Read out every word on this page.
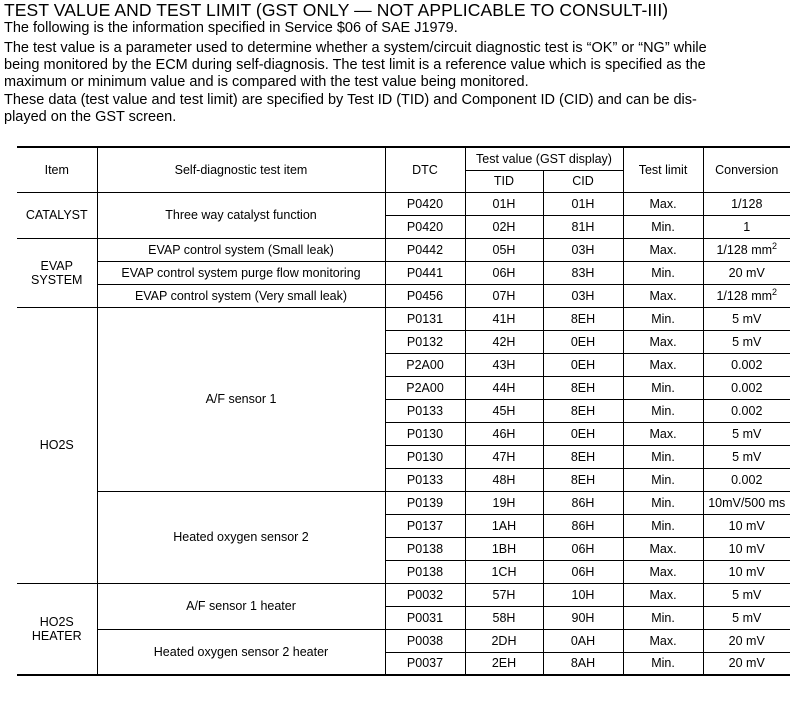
TEST VALUE AND TEST LIMIT (GST ONLY — NOT APPLICABLE TO CONSULT-III)
The following is the information specified in Service $06 of SAE J1979.
The test value is a parameter used to determine whether a system/circuit diagnostic test is “OK” or “NG” while
being monitored by the ECM during self-diagnosis. The test limit is a reference value which is specified as the
maximum or minimum value and is compared with the test value being monitored.
These data (test value and test limit) are specified by Test ID (TID) and Component ID (CID) and can be dis-
played on the GST screen.
Item	Self-diagnostic test item	DTC	Test value (GST display)		Test limit	Conversion
			TID	CID		
CATALYST	Three way catalyst function	P0420	01H	01H	Max.	1/128
		P0420	02H	81H	Min.	1
EVAP
SYSTEM	EVAP control system (Small leak)	P0442	05H	03H	Max.	1/128 $mm^2$
	EVAP control system purge flow monitoring	P0441	06H	83H	Min.	20 mV
	EVAP control system (Very small leak)	P0456	07H	03H	Max.	1/128 $mm^2$
HO2S	A/F sensor 1	P0131	41H	8EH	Min.	5 mV
		P0132	42H	0EH	Max.	5 mV
		P2A00	43H	0EH	Max.	0.002
		P2A00	44H	8EH	Min.	0.002
		P0133	45H	8EH	Min.	0.002
		P0130	46H	0EH	Max.	5 mV
		P0130	47H	8EH	Min.	5 mV
		P0133	48H	8EH	Min.	0.002
	Heated oxygen sensor 2	P0139	19H	86H	Min.	10mV/500 ms
		P0137	1AH	86H	Min.	10 mV
		P0138	1BH	06H	Max.	10 mV
		P0138	1CH	06H	Max.	10 mV
HO2S
HEATER	A/F sensor 1 heater	P0032	57H	10H	Max.	5 mV
		P0031	58H	90H	Min.	5 mV
	Heated oxygen sensor 2 heater	P0038	2DH	0AH	Max.	20 mV
		P0037	2EH	8AH	Min.	20 mV
